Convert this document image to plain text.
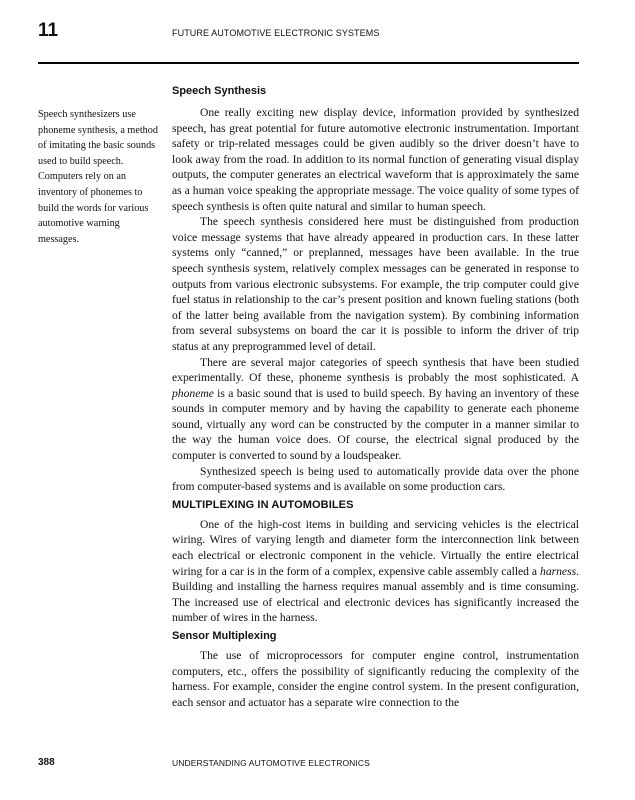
11	FUTURE AUTOMOTIVE ELECTRONIC SYSTEMS
Speech synthesizers use phoneme synthesis, a method of imitating the basic sounds used to build speech. Computers rely on an inventory of phonemes to build the words for various automotive warning messages.
Speech Synthesis

One really exciting new display device, information provided by synthesized speech, has great potential for future automotive electronic instrumentation. Important safety or trip-related messages could be given audibly so the driver doesn’t have to look away from the road. In addition to its normal function of generating visual display outputs, the computer generates an electrical waveform that is approximately the same as a human voice speaking the appropriate message. The voice quality of some types of speech synthesis is often quite natural and similar to human speech.

The speech synthesis considered here must be distinguished from production voice message systems that have already appeared in production cars. In these latter systems only “canned,” or preplanned, messages have been available. In the true speech synthesis system, relatively complex messages can be generated in response to outputs from various electronic subsystems. For example, the trip computer could give fuel status in relationship to the car’s present position and known fueling stations (both of the latter being available from the navigation system). By combining information from several subsystems on board the car it is possible to inform the driver of trip status at any preprogrammed level of detail.

There are several major categories of speech synthesis that have been studied experimentally. Of these, phoneme synthesis is probably the most sophisticated. A phoneme is a basic sound that is used to build speech. By having an inventory of these sounds in computer memory and by having the capability to generate each phoneme sound, virtually any word can be constructed by the computer in a manner similar to the way the human voice does. Of course, the electrical signal produced by the computer is converted to sound by a loudspeaker.

Synthesized speech is being used to automatically provide data over the phone from computer-based systems and is available on some production cars.

MULTIPLEXING IN AUTOMOBILES

One of the high-cost items in building and servicing vehicles is the electrical wiring. Wires of varying length and diameter form the interconnection link between each electrical or electronic component in the vehicle. Virtually the entire electrical wiring for a car is in the form of a complex, expensive cable assembly called a harness. Building and installing the harness requires manual assembly and is time consuming. The increased use of electrical and electronic devices has significantly increased the number of wires in the harness.

Sensor Multiplexing

The use of microprocessors for computer engine control, instrumentation computers, etc., offers the possibility of significantly reducing the complexity of the harness. For example, consider the engine control system. In the present configuration, each sensor and actuator has a separate wire connection to the

388	UNDERSTANDING AUTOMOTIVE ELECTRONICS
